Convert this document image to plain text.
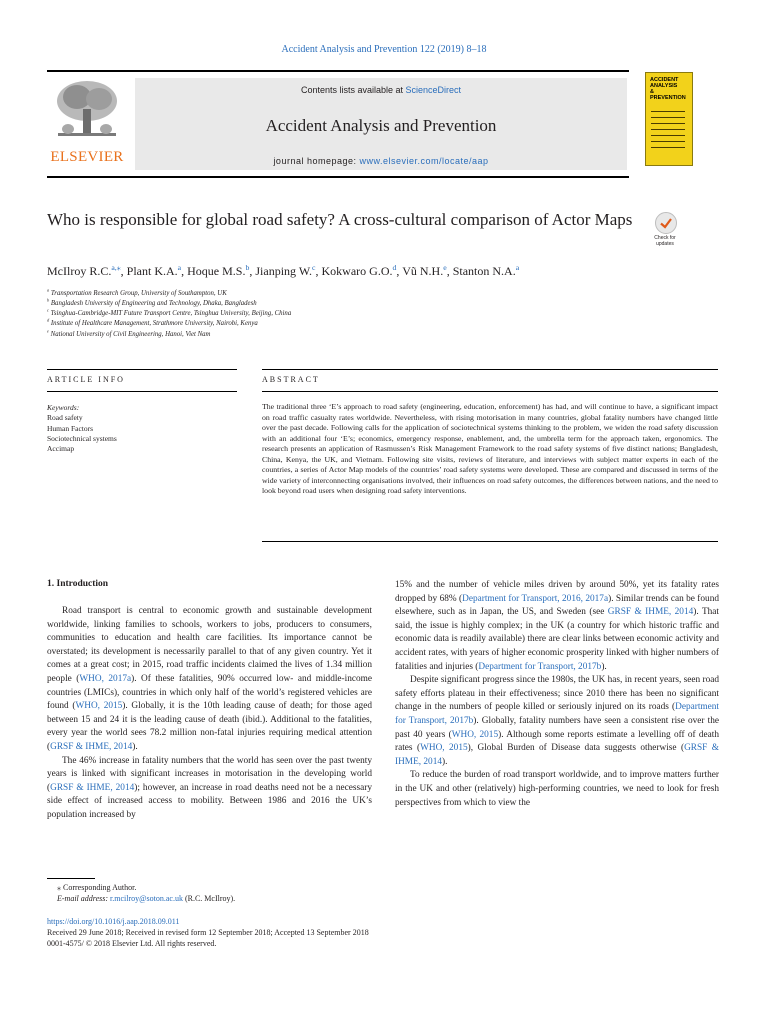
Accident Analysis and Prevention 122 (2019) 8–18
ELSEVIER
Contents lists available at ScienceDirect
Accident Analysis and Prevention
journal homepage: www.elsevier.com/locate/aap
ACCIDENT
ANALYSIS
&
PREVENTION
Who is responsible for global road safety? A cross-cultural comparison of Actor Maps
Check for updates
McIlroy R.C.$^{a,⁎}$, Plant K.A.$^a$, Hoque M.S.$^b$, Jianping W.$^c$, Kokwaro G.O.$^d$, Vũ N.H.$^e$, Stanton N.A.$^a$
$^a$ Transportation Research Group, University of Southampton, UK
$^b$ Bangladesh University of Engineering and Technology, Dhaka, Bangladesh
$^c$ Tsinghua-Cambridge-MIT Future Transport Centre, Tsinghua University, Beijing, China
$^d$ Institute of Healthcare Management, Strathmore University, Nairobi, Kenya
$^e$ National University of Civil Engineering, Hanoi, Viet Nam
ARTICLE INFO	ABSTRACT
Keywords:
Road safety
Human Factors
Sociotechnical systems
Accimap
The traditional three ‘E’s approach to road safety (engineering, education, enforcement) has had, and will continue to have, a significant impact on road traffic casualty rates worldwide. Nevertheless, with rising motorisation in many countries, global fatality numbers have changed little over the past decade. Following calls for the application of sociotechnical systems thinking to the problem, we widen the road safety discussion with an additional four ‘E’s; economics, emergency response, enablement, and, the umbrella term for the approach taken, ergonomics. The research presents an application of Rasmussen’s Risk Management Framework to the road safety systems of five distinct nations; Bangladesh, China, Kenya, the UK, and Vietnam. Following site visits, reviews of literature, and interviews with subject matter experts in each of the countries, a series of Actor Map models of the countries’ road safety systems were developed. These are compared and discussed in terms of the wide variety of interconnecting organisations involved, their influences on road safety outcomes, the differences between nations, and the need to look beyond road users when designing road safety interventions.
1. Introduction

Road transport is central to economic growth and sustainable development worldwide, linking families to schools, workers to jobs, producers to consumers, communities to education and health care facilities. Its importance cannot be overstated; its development is necessarily parallel to that of any given country. Yet it comes at a great cost; in 2015, road traffic incidents claimed the lives of 1.34 million people (WHO, 2017a). Of these fatalities, 90% occurred low- and middle-income countries (LMICs), countries in which only half of the world’s registered vehicles are found (WHO, 2015). Globally, it is the 10th leading cause of death; for those aged between 15 and 24 it is the leading cause of death (ibid.). Additional to the fatalities, every year the world sees 78.2 million non-fatal injuries requiring medical attention (GRSF & IHME, 2014).

The 46% increase in fatality numbers that the world has seen over the past twenty years is linked with significant increases in motorisation in the developing world (GRSF & IHME, 2014); however, an increase in road deaths need not be a necessary side effect of increased access to mobility. Between 1986 and 2016 the UK’s population increased by

15% and the number of vehicle miles driven by around 50%, yet its fatality rates dropped by 68% (Department for Transport, 2016, 2017a). Similar trends can be found elsewhere, such as in Japan, the US, and Sweden (see GRSF & IHME, 2014). That said, the issue is highly complex; in the UK (a country for which historic traffic and economic data is readily available) there are clear links between economic activity and accident rates, with years of higher economic prosperity linked with higher numbers of fatalities and injuries (Department for Transport, 2017b).

Despite significant progress since the 1980s, the UK has, in recent years, seen road safety efforts plateau in their effectiveness; since 2010 there has been no significant change in the numbers of people killed or seriously injured on its roads (Department for Transport, 2017b). Globally, fatality numbers have seen a consistent rise over the past 40 years (WHO, 2015). Although some reports estimate a levelling off of death rates (WHO, 2015), Global Burden of Disease data suggests otherwise (GRSF & IHME, 2014).

To reduce the burden of road transport worldwide, and to improve matters further in the UK and other (relatively) high-performing countries, we need to look for fresh perspectives from which to view the

⁎ Corresponding Author.
E-mail address: r.mcilroy@soton.ac.uk (R.C. McIlroy).
https://doi.org/10.1016/j.aap.2018.09.011
Received 29 June 2018; Received in revised form 12 September 2018; Accepted 13 September 2018
0001-4575/ © 2018 Elsevier Ltd. All rights reserved.
